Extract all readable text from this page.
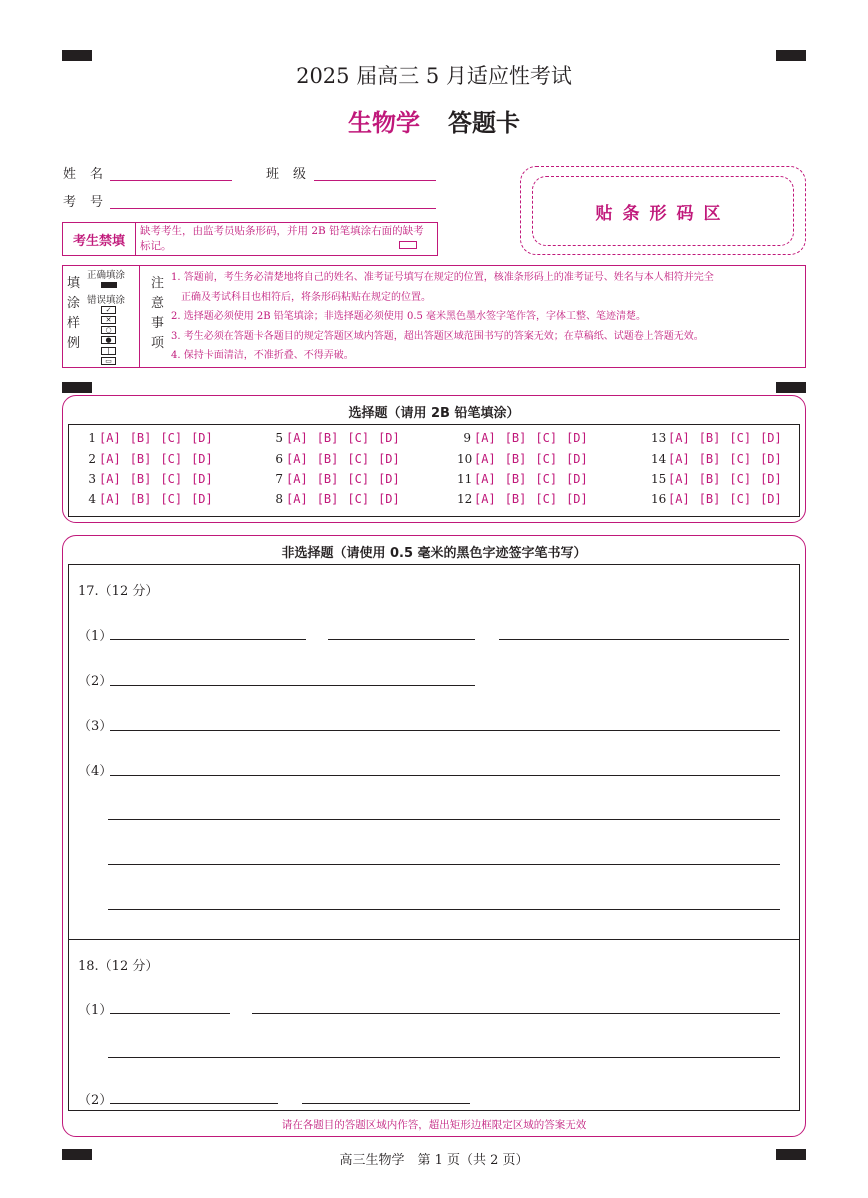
2025 届高三 5 月适应性考试
生物学 答题卡
姓名	班级
考号
贴条形码区
考生禁填
缺考考生，由监考员贴条形码，并用 2B 铅笔填涂右面的缺考标记。
填
涂
样
例
正确填涂
错误填涂
✓
✕
○
●
|
▭
注
意
事
项
1. 答题前，考生务必清楚地将自己的姓名、准考证号填写在规定的位置，核准条形码上的准考证号、姓名与本人相符并完全
正确及考试科目也相符后，将条形码粘贴在规定的位置。
2. 选择题必须使用 2B 铅笔填涂；非选择题必须使用 0.5 毫米黑色墨水签字笔作答，字体工整、笔迹清楚。
3. 考生必须在答题卡各题目的规定答题区域内答题，超出答题区域范围书写的答案无效；在草稿纸、试题卷上答题无效。
4. 保持卡面清洁，不准折叠、不得弄破。
选择题（请用 2B 铅笔填涂）
1 [A] [B] [C] [D]
2 [A] [B] [C] [D]
3 [A] [B] [C] [D]
4 [A] [B] [C] [D]
5 [A] [B] [C] [D]
6 [A] [B] [C] [D]
7 [A] [B] [C] [D]
8 [A] [B] [C] [D]
9 [A] [B] [C] [D]
10 [A] [B] [C] [D]
11 [A] [B] [C] [D]
12 [A] [B] [C] [D]
13 [A] [B] [C] [D]
14 [A] [B] [C] [D]
15 [A] [B] [C] [D]
16 [A] [B] [C] [D]
非选择题（请使用 0.5 毫米的黑色字迹签字笔书写）
17.（12 分）
（1）
（2）
（3）
（4）
18.（12 分）
（1）
（2）
请在各题目的答题区域内作答，超出矩形边框限定区域的答案无效
高三生物学　第 1 页（共 2 页）
